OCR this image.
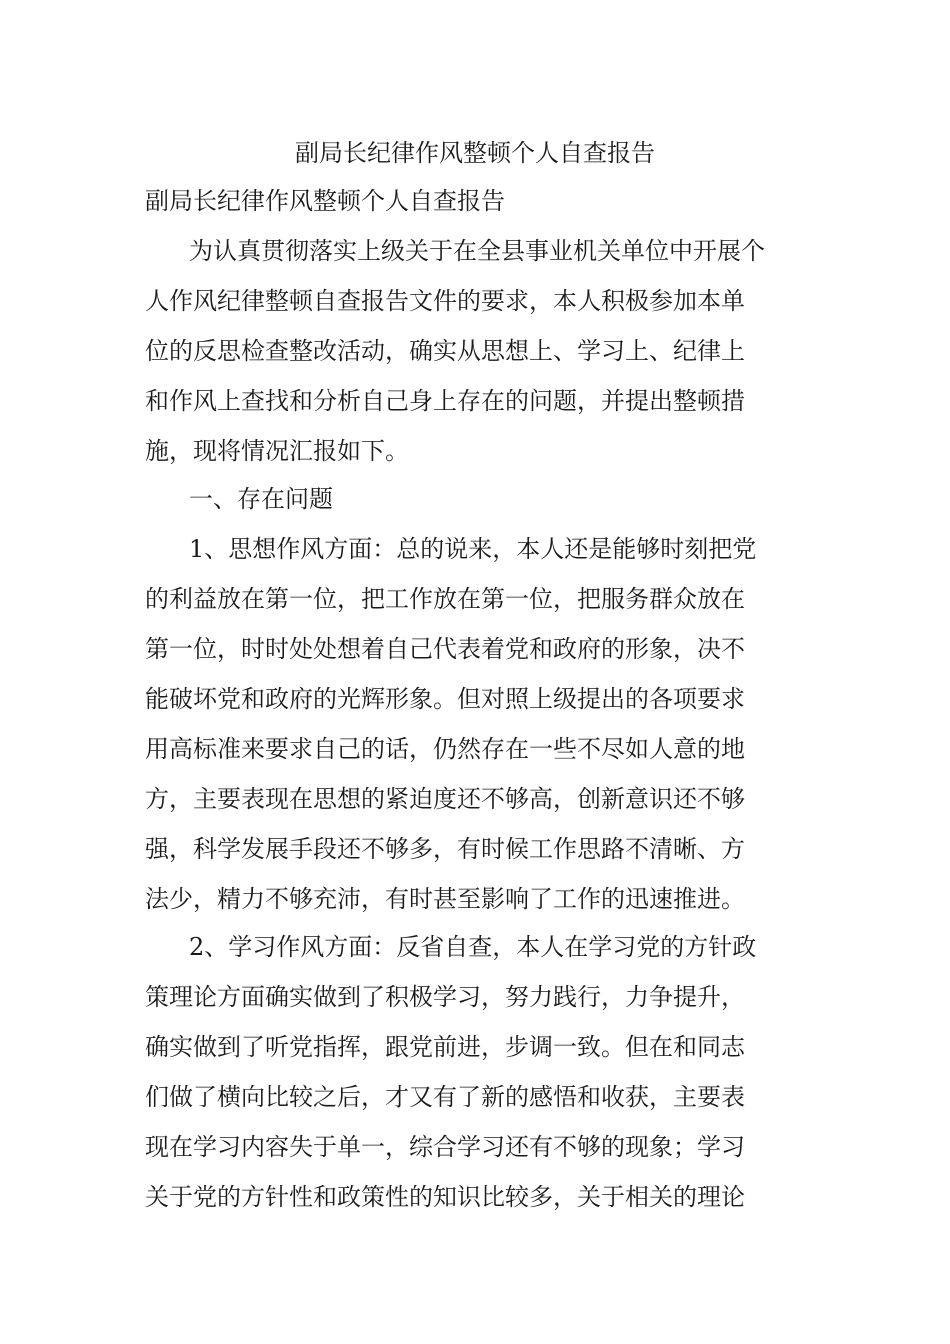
副局长纪律作风整顿个人自查报告
副局长纪律作风整顿个人自查报告
为认真贯彻落实上级关于在全县事业机关单位中开展个
人作风纪律整顿自查报告文件的要求，本人积极参加本单
位的反思检查整改活动，确实从思想上、学习上、纪律上
和作风上查找和分析自己身上存在的问题，并提出整顿措
施，现将情况汇报如下。
一、存在问题
1、思想作风方面：总的说来，本人还是能够时刻把党
的利益放在第一位，把工作放在第一位，把服务群众放在
第一位，时时处处想着自己代表着党和政府的形象，决不
能破坏党和政府的光辉形象。但对照上级提出的各项要求
用高标准来要求自己的话，仍然存在一些不尽如人意的地
方，主要表现在思想的紧迫度还不够高，创新意识还不够
强，科学发展手段还不够多，有时候工作思路不清晰、方
法少，精力不够充沛，有时甚至影响了工作的迅速推进。
2、学习作风方面：反省自查，本人在学习党的方针政
策理论方面确实做到了积极学习，努力践行，力争提升，
确实做到了听党指挥，跟党前进，步调一致。但在和同志
们做了横向比较之后，才又有了新的感悟和收获，主要表
现在学习内容失于单一，综合学习还有不够的现象；学习
关于党的方针性和政策性的知识比较多，关于相关的理论
